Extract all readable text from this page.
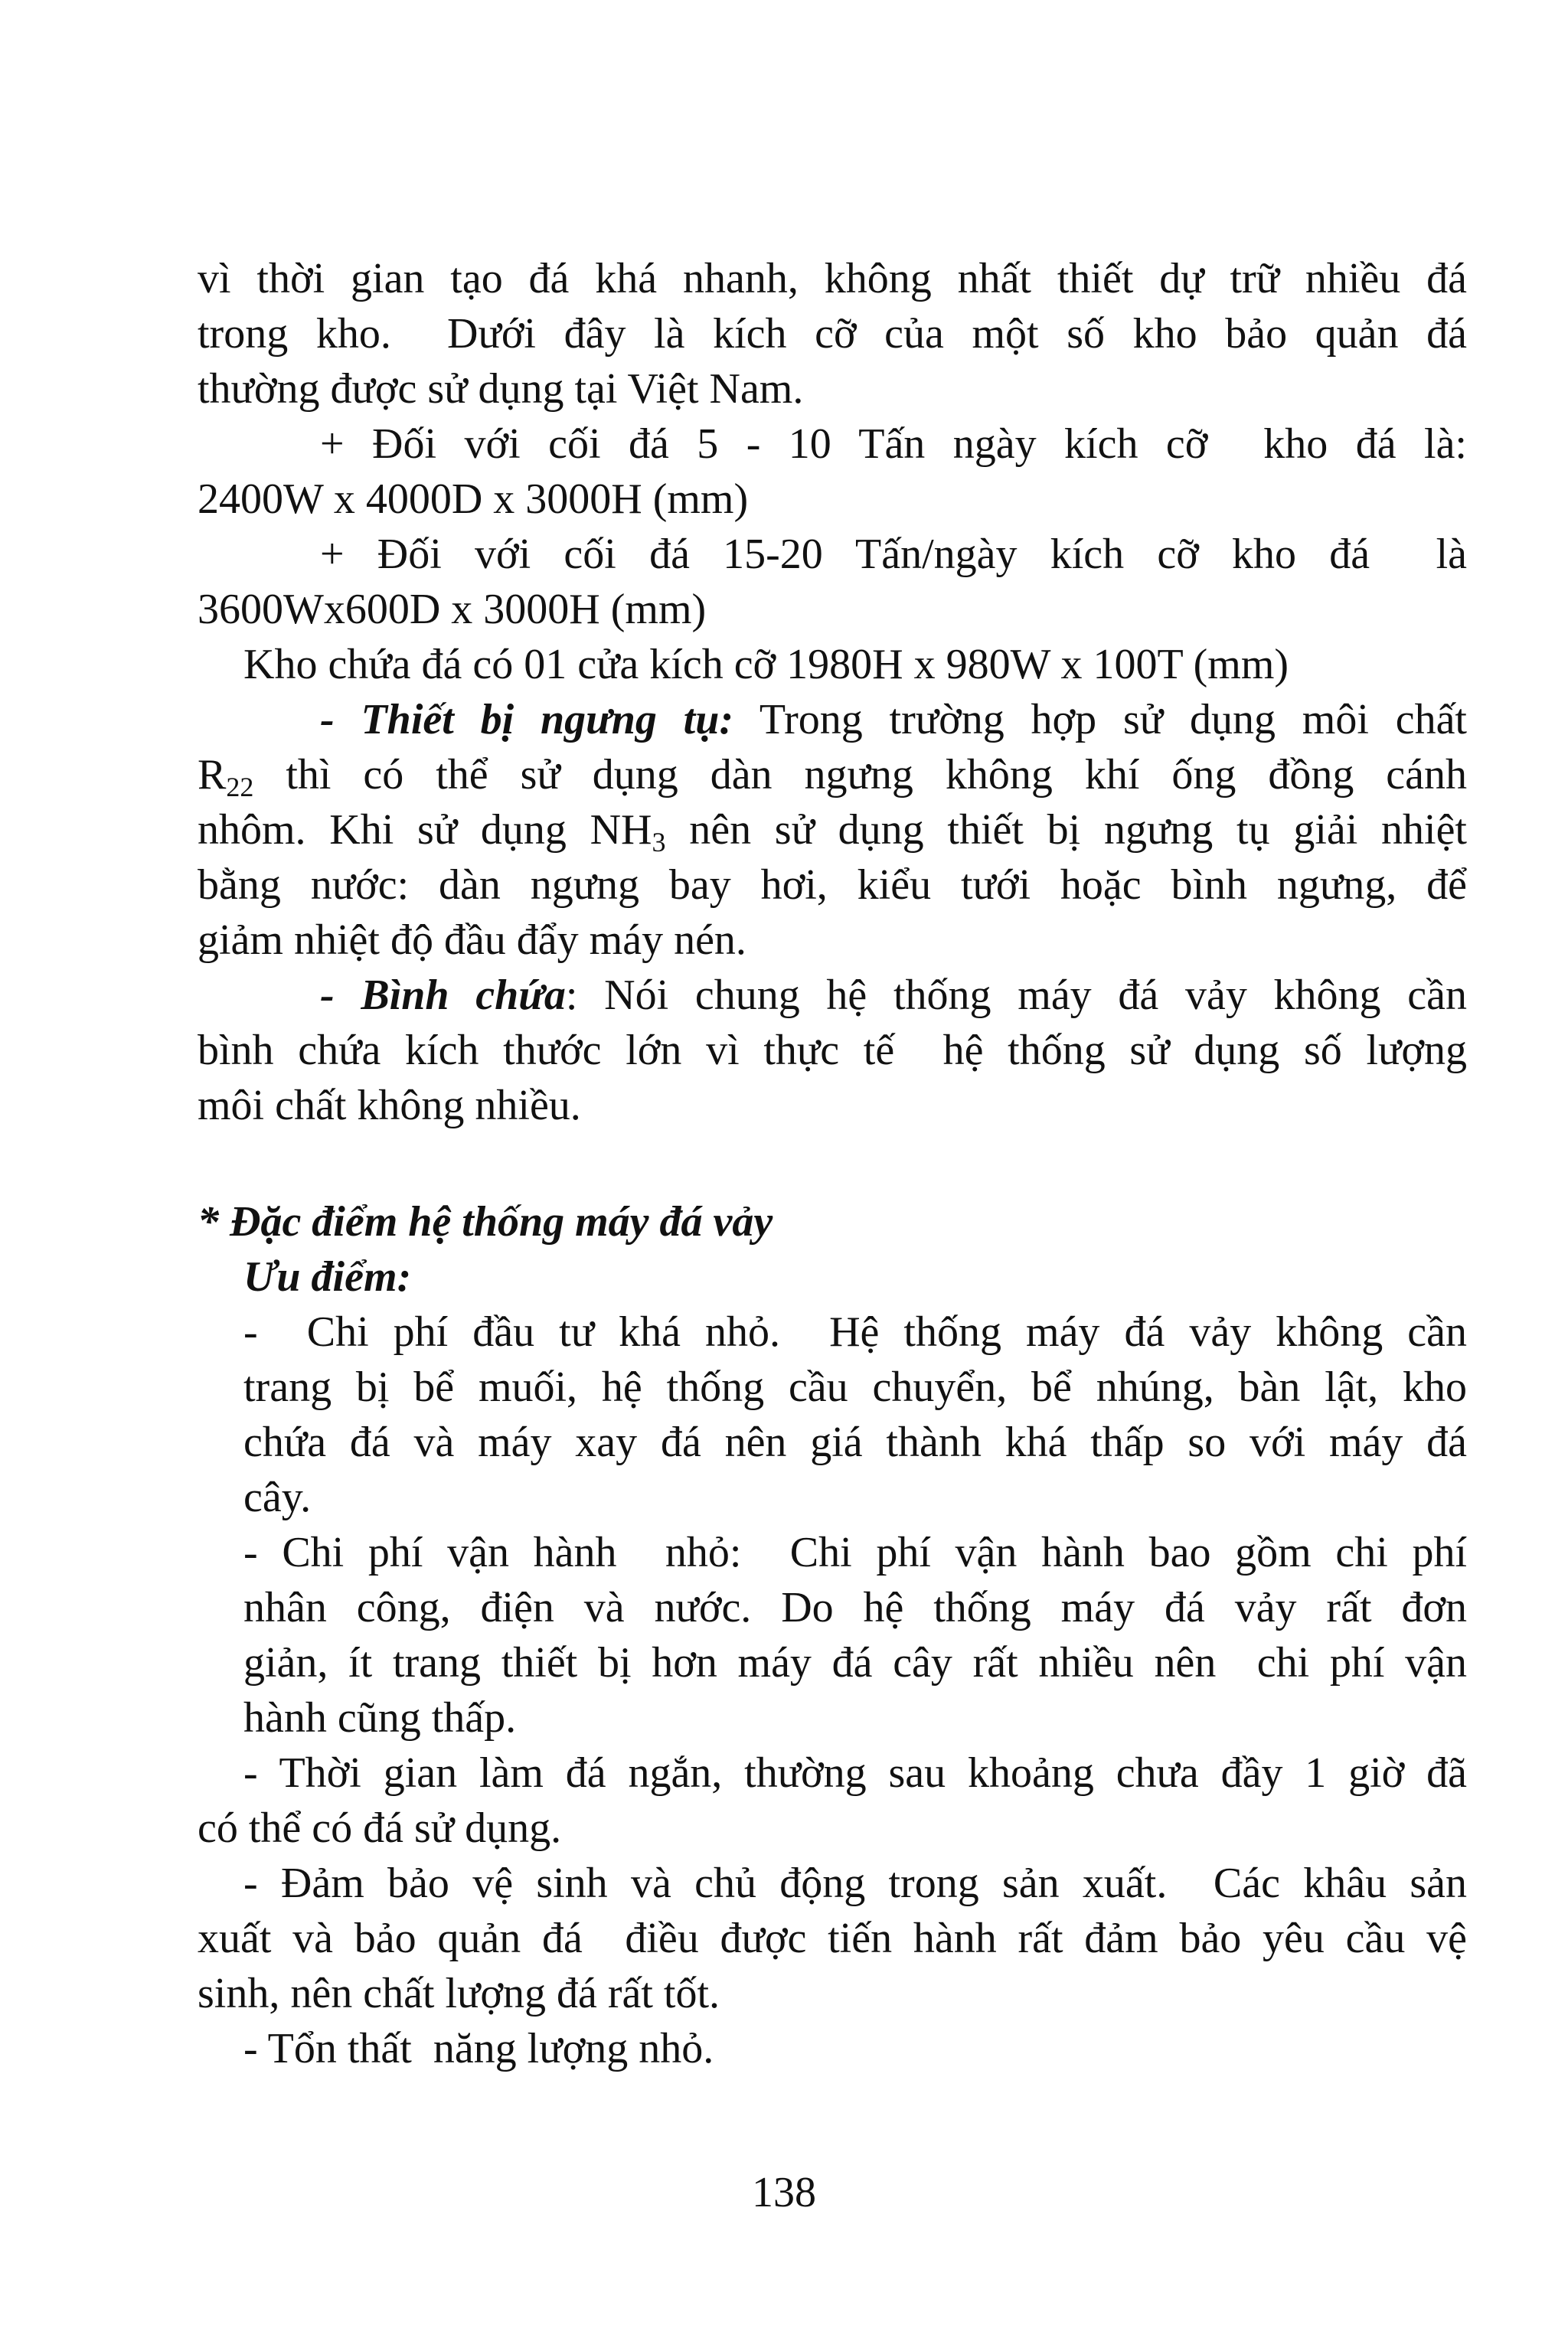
vì thời gian tạo đá khá nhanh, không nhất thiết dự trữ nhiều đá
trong kho.  Dưới đây là kích cỡ của một số kho bảo quản đá
thường được sử dụng tại Việt Nam.
+ Đối với cối đá 5 - 10 Tấn ngày kích cỡ  kho đá là:
2400W x 4000D x 3000H (mm)
+ Đối với cối đá 15-20 Tấn/ngày kích cỡ kho đá  là
3600Wx600D x 3000H (mm)
Kho chứa đá có 01 cửa kích cỡ 1980H x 980W x 100T (mm)
- Thiết bị ngưng tụ: Trong trường hợp sử dụng môi chất
$R_{22}$ thì có thể sử dụng dàn ngưng không khí ống đồng cánh
nhôm. Khi sử dụng $NH_3$ nên sử dụng thiết bị ngưng tụ giải nhiệt
bằng nước: dàn ngưng bay hơi, kiểu tưới hoặc bình ngưng, để
giảm nhiệt độ đầu đẩy máy nén.
- Bình chứa: Nói chung hệ thống máy đá vảy không cần
bình chứa kích thước lớn vì thực tế  hệ thống sử dụng số lượng
môi chất không nhiều.
* Đặc điểm hệ thống máy đá vảy
Ưu điểm:
-  Chi phí đầu tư khá nhỏ.  Hệ thống máy đá vảy không cần
trang bị bể muối, hệ thống cầu chuyển, bể nhúng, bàn lật, kho
chứa đá và máy xay đá nên giá thành khá thấp so với máy đá
cây.
- Chi phí vận hành  nhỏ:  Chi phí vận hành bao gồm chi phí
nhân công, điện và nước. Do hệ thống máy đá vảy rất đơn
giản, ít trang thiết bị hơn máy đá cây rất nhiều nên  chi phí vận
hành cũng thấp.
- Thời gian làm đá ngắn, thường sau khoảng chưa đầy 1 giờ đã
có thể có đá sử dụng.
- Đảm bảo vệ sinh và chủ động trong sản xuất.  Các khâu sản
xuất và bảo quản đá  điều được tiến hành rất đảm bảo yêu cầu vệ
sinh, nên chất lượng đá rất tốt.
- Tổn thất  năng lượng nhỏ.
138
